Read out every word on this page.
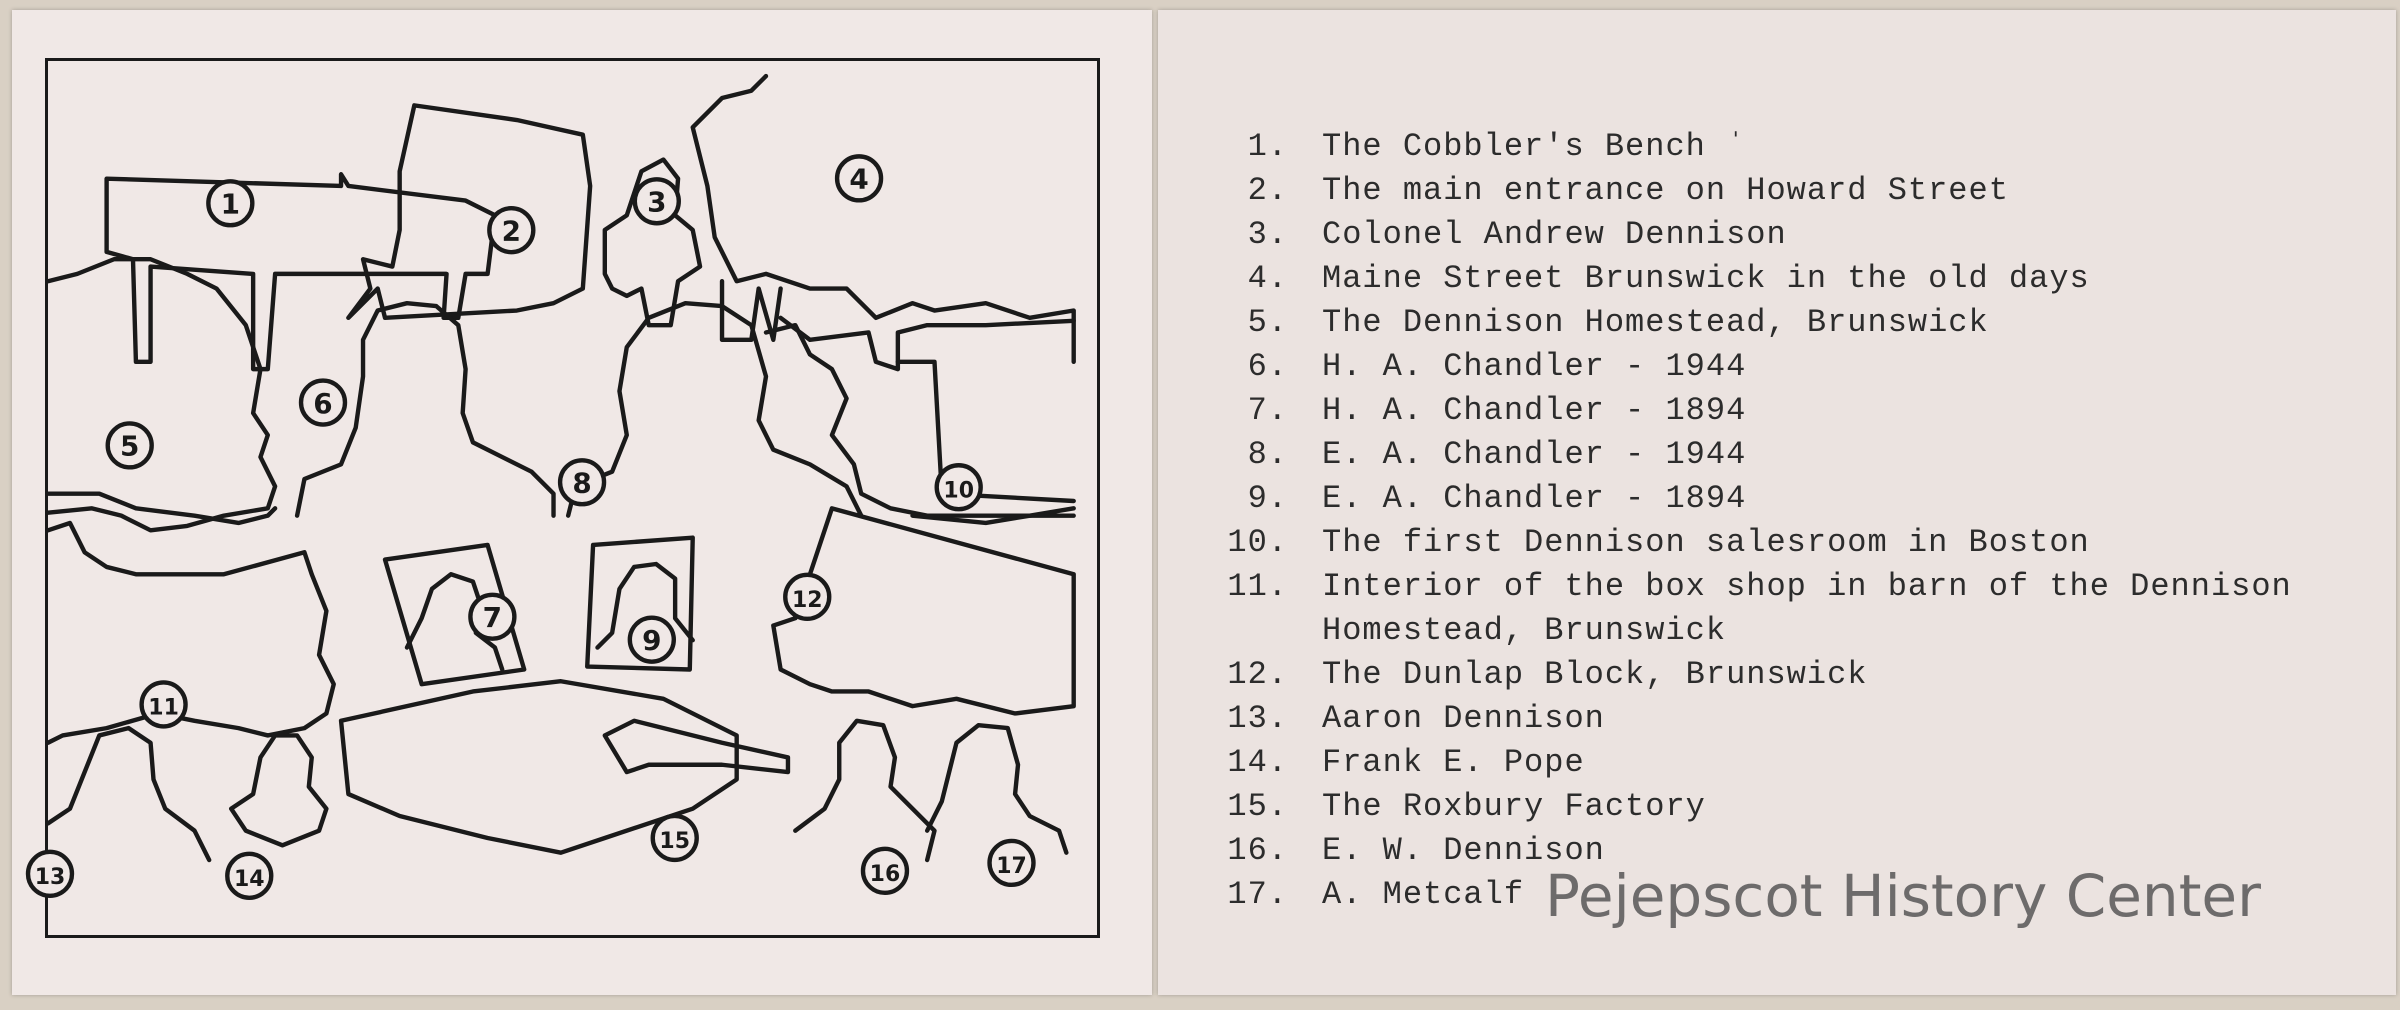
1
2
3
4
5
6
7
8
9
10
11
12
13	14
15
16	17
1.	The Cobbler's Bench ˈ
2.	The main entrance on Howard Street
3.	Colonel Andrew Dennison
4.	Maine Street Brunswick in the old days
5.	The Dennison Homestead, Brunswick
6.	H. A. Chandler - 1944
7.	H. A. Chandler - 1894
8.	E. A. Chandler - 1944
9.	E. A. Chandler - 1894
10.	The first Dennison salesroom in Boston
11.	Interior of the box shop in barn of the Dennison Homestead, Brunswick
12.	The Dunlap Block, Brunswick
13.	Aaron Dennison
14.	Frank E. Pope
15.	The Roxbury Factory
16.	E. W. Dennison
17.	A. Metcalf Pejepscot History Center
